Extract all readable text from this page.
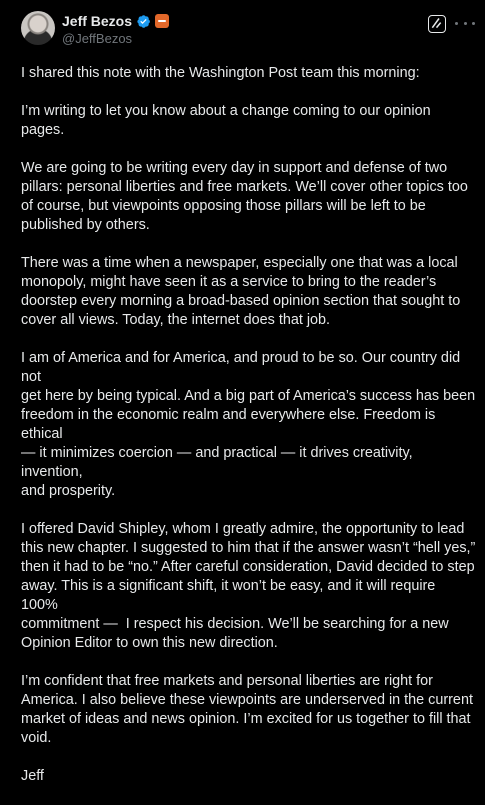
Jeff Bezos
@JeffBezos

I shared this note with the Washington Post team this morning:

I’m writing to let you know about a change coming to our opinion pages.

We are going to be writing every day in support and defense of two
pillars: personal liberties and free markets. We’ll cover other topics too
of course, but viewpoints opposing those pillars will be left to be
published by others.

There was a time when a newspaper, especially one that was a local
monopoly, might have seen it as a service to bring to the reader’s
doorstep every morning a broad-based opinion section that sought to
cover all views. Today, the internet does that job.

I am of America and for America, and proud to be so. Our country did not
get here by being typical. And a big part of America’s success has been
freedom in the economic realm and everywhere else. Freedom is ethical
— it minimizes coercion — and practical — it drives creativity, invention,
and prosperity.

I offered David Shipley, whom I greatly admire, the opportunity to lead
this new chapter. I suggested to him that if the answer wasn’t “hell yes,”
then it had to be “no.” After careful consideration, David decided to step
away. This is a significant shift, it won’t be easy, and it will require 100%
commitment —  I respect his decision. We’ll be searching for a new
Opinion Editor to own this new direction.

I’m confident that free markets and personal liberties are right for
America. I also believe these viewpoints are underserved in the current
market of ideas and news opinion. I’m excited for us together to fill that
void.

Jeff
